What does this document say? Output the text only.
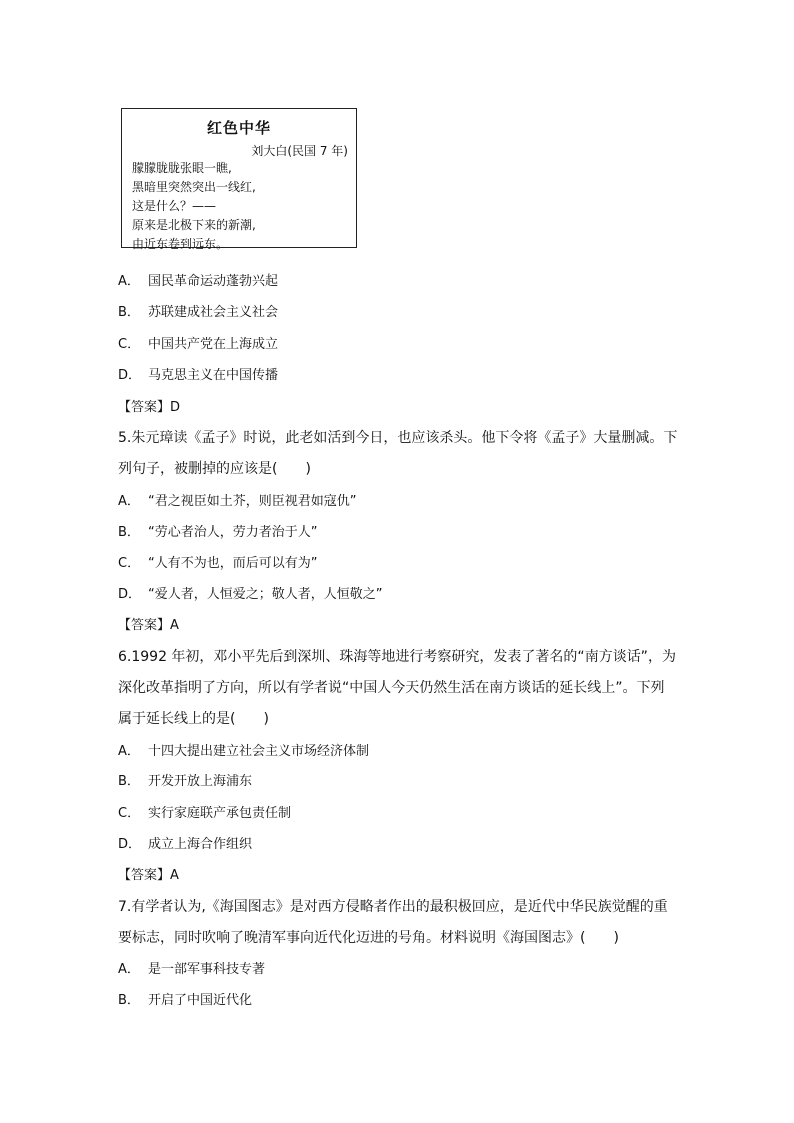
红色中华
刘大白(民国 7 年)
朦朦胧胧张眼一瞧,
黑暗里突然突出一线红,
这是什么？——
原来是北极下来的新潮,
由近东卷到远东。
A． 国民革命运动蓬勃兴起
B． 苏联建成社会主义社会
C． 中国共产党在上海成立
D． 马克思主义在中国传播
【答案】D
5.朱元璋读《孟子》时说，此老如活到今日，也应该杀头。他下令将《孟子》大量删减。下
列句子，被删掉的应该是(　　)
A． “君之视臣如土芥，则臣视君如寇仇”
B． “劳心者治人，劳力者治于人”
C． “人有不为也，而后可以有为”
D． “爱人者，人恒爱之；敬人者，人恒敬之”
【答案】A
6.1992 年初，邓小平先后到深圳、珠海等地进行考察研究，发表了著名的“南方谈话”，为
深化改革指明了方向，所以有学者说“中国人今天仍然生活在南方谈话的延长线上”。下列
属于延长线上的是(　　)
A． 十四大提出建立社会主义市场经济体制
B． 开发开放上海浦东
C． 实行家庭联产承包责任制
D． 成立上海合作组织
【答案】A
7.有学者认为,《海国图志》是对西方侵略者作出的最积极回应，是近代中华民族觉醒的重
要标志，同时吹响了晚清军事向近代化迈进的号角。材料说明《海国图志》(　　)
A． 是一部军事科技专著
B． 开启了中国近代化
